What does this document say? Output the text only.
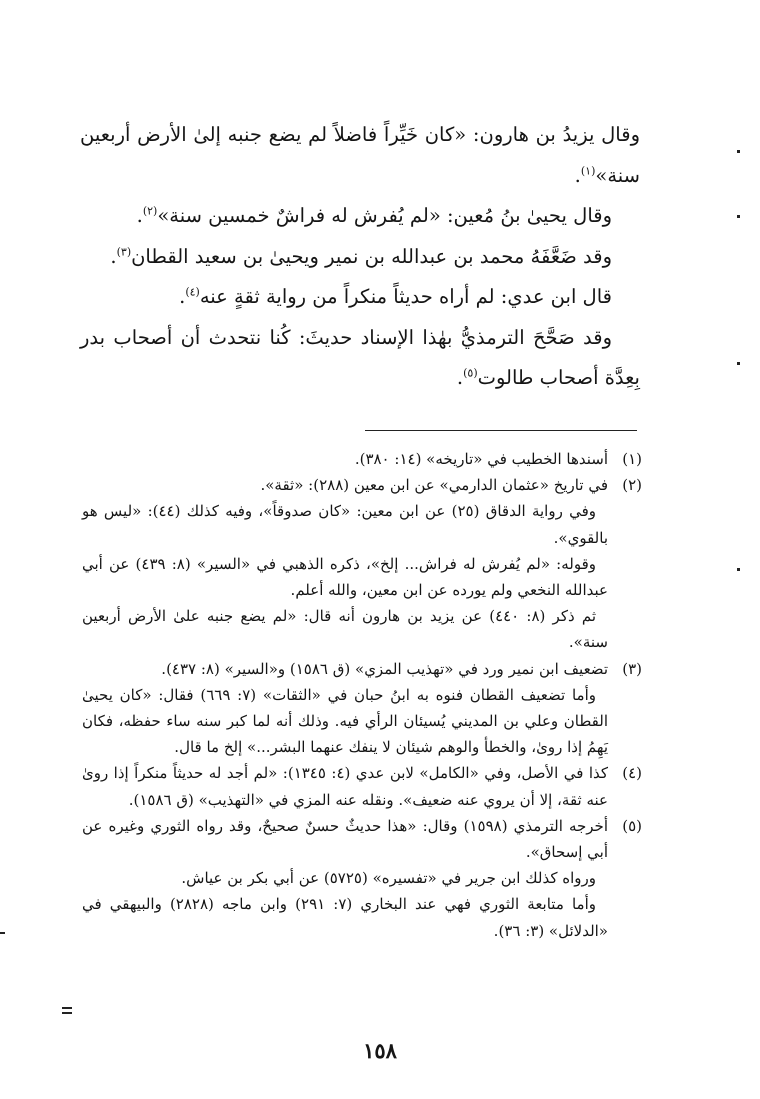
وقال يزيدُ بن هارون: «كان خَيِّراً فاضلاً لم يضع جنبه إلىٰ الأرض أربعين سنة»$^{(١)}$.

وقال يحيىٰ بنُ مُعين: «لم يُفرش له فراشٌ خمسين سنة»$^{(٢)}$.

وقد ضَعَّفَهُ محمد بن عبدالله بن نمير ويحيىٰ بن سعيد القطان$^{(٣)}$.

قال ابن عدي: لم أراه حديثاً منكراً من رواية ثقةٍ عنه$^{(٤)}$.

وقد صَحَّحَ الترمذيُّ بهٰذا الإسناد حديثَ: كُنا نتحدث أن أصحاب بدر بِعِدَّة أصحاب طالوت$^{(٥)}$.

(١)

أسندها الخطيب في «تاريخه» (١٤: ٣٨٠).

(٢)

في تاريخ «عثمان الدارمي» عن ابن معين (٢٨٨): «ثقة».

وفي رواية الدقاق (٢٥) عن ابن معين: «كان صدوقاً»، وفيه كذلك (٤٤): «ليس هو بالقوي».

وقوله: «لم يُفرش له فراش... إلخ»، ذكره الذهبي في «السير» (٨: ٤٣٩) عن أبي عبدالله النخعي ولم يورده عن ابن معين، والله أعلم.

ثم ذكر (٨: ٤٤٠) عن يزيد بن هارون أنه قال: «لم يضع جنبه علىٰ الأرض أربعين سنة».

(٣)

تضعيف ابن نمير ورد في «تهذيب المزي» (ق ١٥٨٦) و«السير» (٨: ٤٣٧).

وأما تضعيف القطان فنوه به ابنُ حبان في «الثقات» (٧: ٦٦٩) فقال: «كان يحيىٰ القطان وعلي بن المديني يُسيئان الرأي فيه. وذلك أنه لما كبر سنه ساء حفظه، فكان يَهِمُ إذا روىٰ، والخطأ والوهم شيئان لا ينفك عنهما البشر...» إلخ ما قال.

(٤)

كذا في الأصل، وفي «الكامل» لابن عدي (٤: ١٣٤٥): «لم أجد له حديثاً منكراً إذا روىٰ عنه ثقة، إلا أن يروي عنه ضعيف». ونقله عنه المزي في «التهذيب» (ق ١٥٨٦).

(٥)

أخرجه الترمذي (١٥٩٨) وقال: «هذا حديثٌ حسنٌ صحيحٌ، وقد رواه الثوري وغيره عن أبي إسحاق».

ورواه كذلك ابن جرير في «تفسيره» (٥٧٢٥) عن أبي بكر بن عياش.

وأما متابعة الثوري فهي عند البخاري (٧: ٢٩١) وابن ماجه (٢٨٢٨) والبيهقي في «الدلائل» (٣: ٣٦).

١٥٨
